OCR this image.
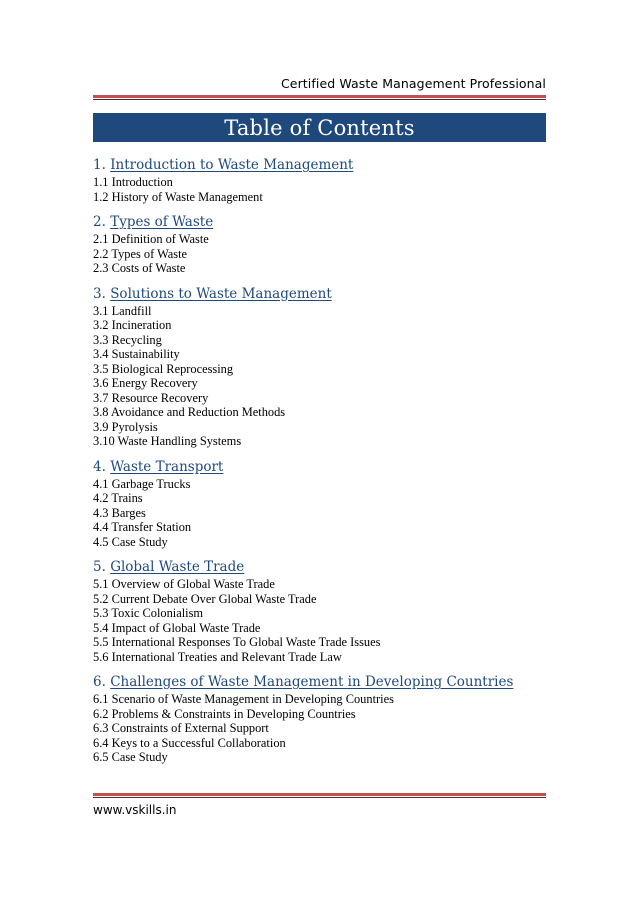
Certified Waste Management Professional
Table of Contents
1. Introduction to Waste Management
1.1 Introduction
1.2 History of Waste Management
2. Types of Waste
2.1 Definition of Waste
2.2 Types of Waste
2.3 Costs of Waste
3. Solutions to Waste Management
3.1 Landfill
3.2 Incineration
3.3 Recycling
3.4 Sustainability
3.5 Biological Reprocessing
3.6 Energy Recovery
3.7 Resource Recovery
3.8 Avoidance and Reduction Methods
3.9 Pyrolysis
3.10 Waste Handling Systems
4. Waste Transport
4.1 Garbage Trucks
4.2 Trains
4.3 Barges
4.4 Transfer Station
4.5 Case Study
5. Global Waste Trade
5.1 Overview of Global Waste Trade
5.2 Current Debate Over Global Waste Trade
5.3 Toxic Colonialism
5.4 Impact of Global Waste Trade
5.5 International Responses To Global Waste Trade Issues
5.6 International Treaties and Relevant Trade Law
6. Challenges of Waste Management in Developing Countries
6.1 Scenario of Waste Management in Developing Countries
6.2 Problems & Constraints in Developing Countries
6.3 Constraints of External Support
6.4 Keys to a Successful Collaboration
6.5 Case Study
www.vskills.in
